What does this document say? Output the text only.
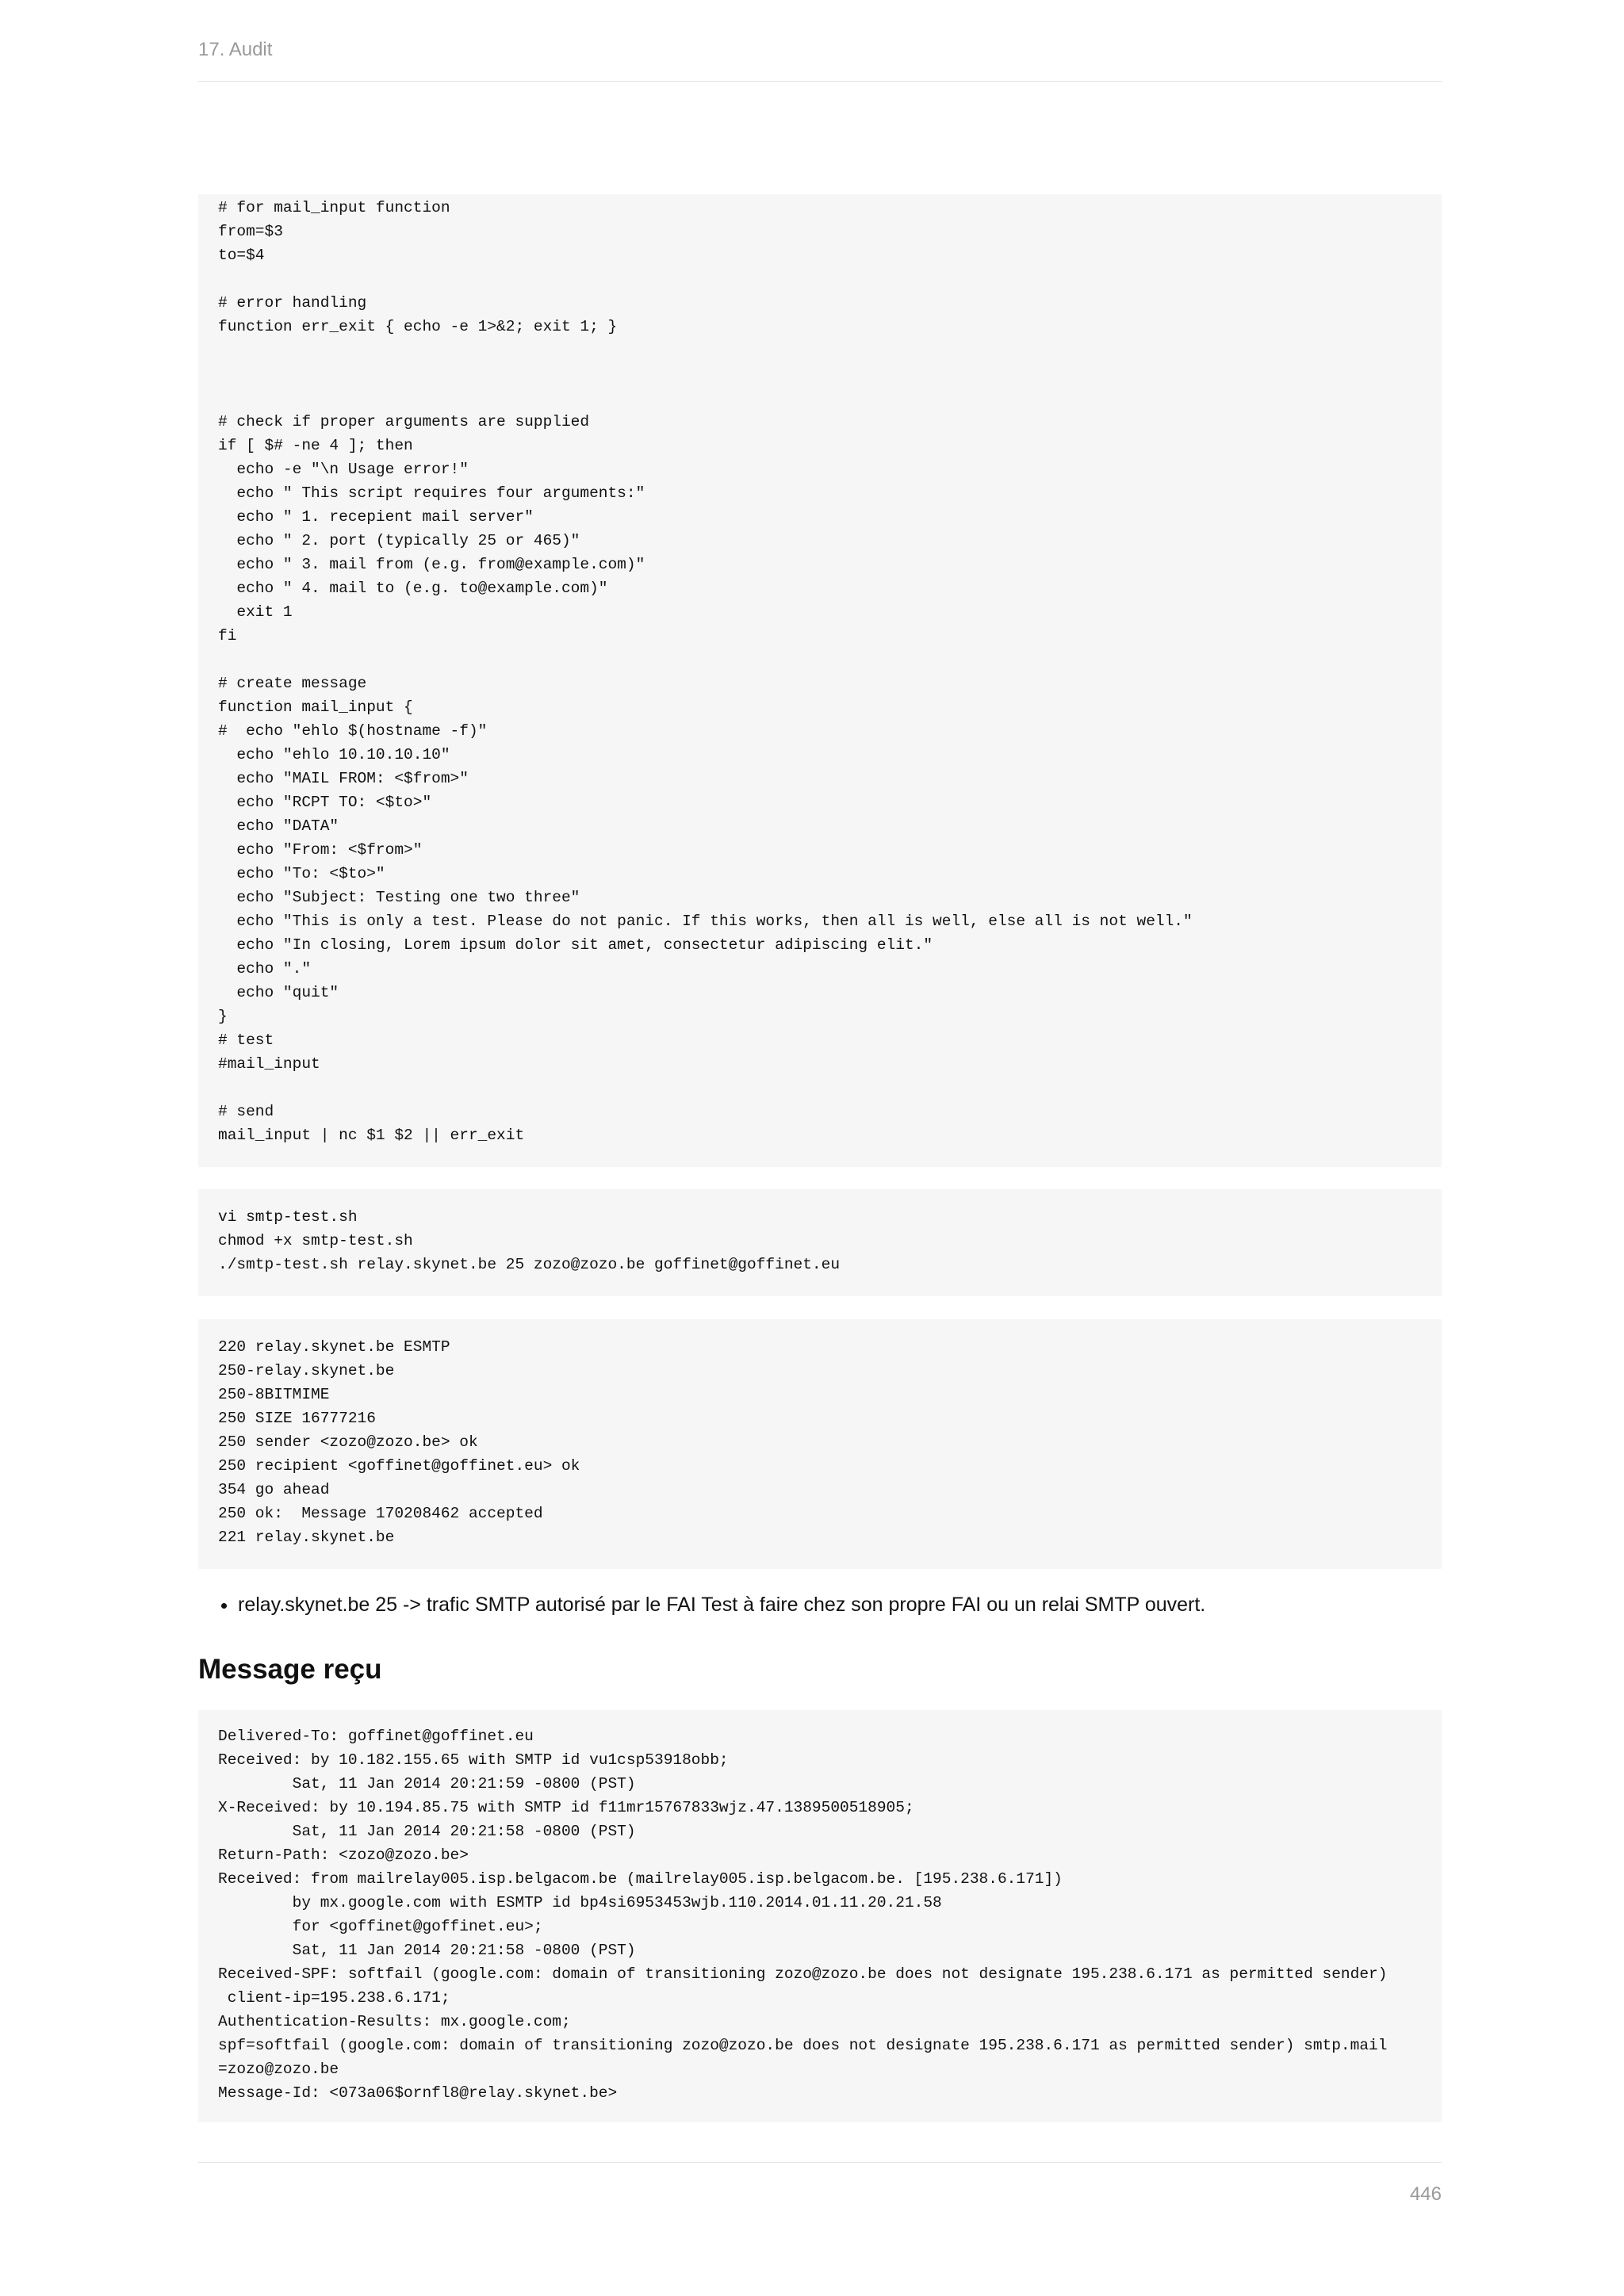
17. Audit
# for mail_input function
from=$3
to=$4

# error handling
function err_exit { echo -e 1>&2; exit 1; }

# check if proper arguments are supplied
if [ $# -ne 4 ]; then
echo -e "\n Usage error!"
echo " This script requires four arguments:"
echo " 1. recepient mail server"
echo " 2. port (typically 25 or 465)"
echo " 3. mail from (e.g. from@example.com)"
echo " 4. mail to (e.g. to@example.com)"
exit 1
fi

# create message
function mail_input {
#  echo "ehlo $(hostname -f)"
echo "ehlo 10.10.10.10"
echo "MAIL FROM: <$from>"
echo "RCPT TO: <$to>"
echo "DATA"
echo "From: <$from>"
echo "To: <$to>"
echo "Subject: Testing one two three"
echo "This is only a test. Please do not panic. If this works, then all is well, else all is not well."
echo "In closing, Lorem ipsum dolor sit amet, consectetur adipiscing elit."
echo "."
echo "quit"
}
# test
#mail_input

# send
mail_input | nc $1 $2 || err_exit
vi smtp-test.sh
chmod +x smtp-test.sh
./smtp-test.sh relay.skynet.be 25 zozo@zozo.be goffinet@goffinet.eu
220 relay.skynet.be ESMTP
250-relay.skynet.be
250-8BITMIME
250 SIZE 16777216
250 sender <zozo@zozo.be> ok
250 recipient <goffinet@goffinet.eu> ok
354 go ahead
250 ok:  Message 170208462 accepted
221 relay.skynet.be
• relay.skynet.be 25 -> trafic SMTP autorisé par le FAI Test à faire chez son propre FAI ou un relai SMTP ouvert.
Message reçu
Delivered-To: goffinet@goffinet.eu
Received: by 10.182.155.65 with SMTP id vu1csp53918obb;
Sat, 11 Jan 2014 20:21:59 -0800 (PST)
X-Received: by 10.194.85.75 with SMTP id f11mr15767833wjz.47.1389500518905;
Sat, 11 Jan 2014 20:21:58 -0800 (PST)
Return-Path: <zozo@zozo.be>
Received: from mailrelay005.isp.belgacom.be (mailrelay005.isp.belgacom.be. [195.238.6.171])
by mx.google.com with ESMTP id bp4si6953453wjb.110.2014.01.11.20.21.58
for <goffinet@goffinet.eu>;
Sat, 11 Jan 2014 20:21:58 -0800 (PST)
Received-SPF: softfail (google.com: domain of transitioning zozo@zozo.be does not designate 195.238.6.171 as permitted sender)
client-ip=195.238.6.171;
Authentication-Results: mx.google.com;
spf=softfail (google.com: domain of transitioning zozo@zozo.be does not designate 195.238.6.171 as permitted sender) smtp.mail
=zozo@zozo.be
Message-Id: <073a06$ornfl8@relay.skynet.be>
446
